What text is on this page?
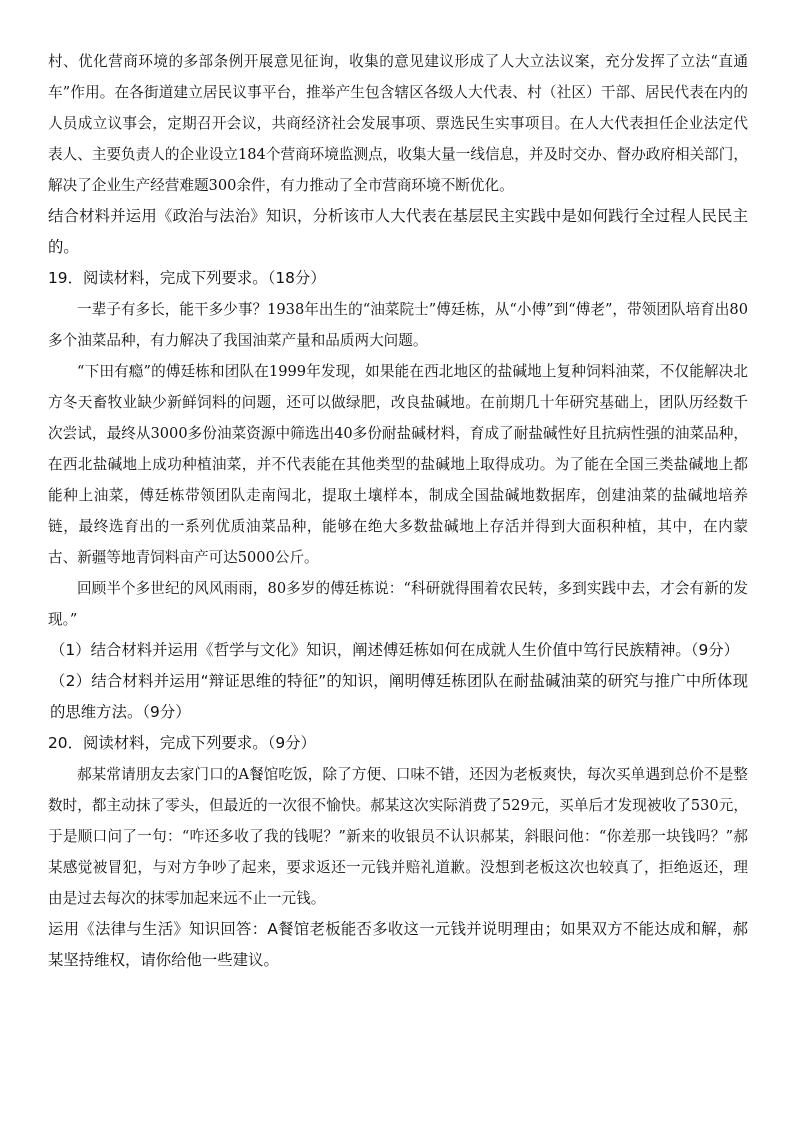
村、优化营商环境的多部条例开展意见征询，收集的意见建议形成了人大立法议案，充分发挥了立法“直通车”作用。在各街道建立居民议事平台，推举产生包含辖区各级人大代表、村（社区）干部、居民代表在内的人员成立议事会，定期召开会议，共商经济社会发展事项、票选民生实事项目。在人大代表担任企业法定代表人、主要负责人的企业设立184个营商环境监测点，收集大量一线信息，并及时交办、督办政府相关部门，解决了企业生产经营难题300余件，有力推动了全市营商环境不断优化。

结合材料并运用《政治与法治》知识，分析该市人大代表在基层民主实践中是如何践行全过程人民民主的。

19．阅读材料，完成下列要求。（18分）

一辈子有多长，能干多少事？1938年出生的“油菜院士”傅廷栋，从“小傅”到“傅老”，带领团队培育出80多个油菜品种，有力解决了我国油菜产量和品质两大问题。

“下田有瘾”的傅廷栋和团队在1999年发现，如果能在西北地区的盐碱地上复种饲料油菜，不仅能解决北方冬天畜牧业缺少新鲜饲料的问题，还可以做绿肥，改良盐碱地。在前期几十年研究基础上，团队历经数千次尝试，最终从3000多份油菜资源中筛选出40多份耐盐碱材料，育成了耐盐碱性好且抗病性强的油菜品种，在西北盐碱地上成功种植油菜，并不代表能在其他类型的盐碱地上取得成功。为了能在全国三类盐碱地上都能种上油菜，傅廷栋带领团队走南闯北，提取土壤样本，制成全国盐碱地数据库，创建油菜的盐碱地培养链，最终选育出的一系列优质油菜品种，能够在绝大多数盐碱地上存活并得到大面积种植，其中，在内蒙古、新疆等地青饲料亩产可达5000公斤。

回顾半个多世纪的风风雨雨，80多岁的傅廷栋说：“科研就得围着农民转，多到实践中去，才会有新的发现。”

（1）结合材料并运用《哲学与文化》知识，阐述傅廷栋如何在成就人生价值中笃行民族精神。（9分）

（2）结合材料并运用“辩证思维的特征”的知识，阐明傅廷栋团队在耐盐碱油菜的研究与推广中所体现的思维方法。（9分）

20．阅读材料，完成下列要求。（9分）

郝某常请朋友去家门口的A餐馆吃饭，除了方便、口味不错，还因为老板爽快，每次买单遇到总价不是整数时，都主动抹了零头，但最近的一次很不愉快。郝某这次实际消费了529元，买单后才发现被收了530元，于是顺口问了一句：“咋还多收了我的钱呢？”新来的收银员不认识郝某，斜眼问他：“你差那一块钱吗？”郝某感觉被冒犯，与对方争吵了起来，要求返还一元钱并赔礼道歉。没想到老板这次也较真了，拒绝返还，理由是过去每次的抹零加起来远不止一元钱。

运用《法律与生活》知识回答：A餐馆老板能否多收这一元钱并说明理由；如果双方不能达成和解，郝某坚持维权，请你给他一些建议。
